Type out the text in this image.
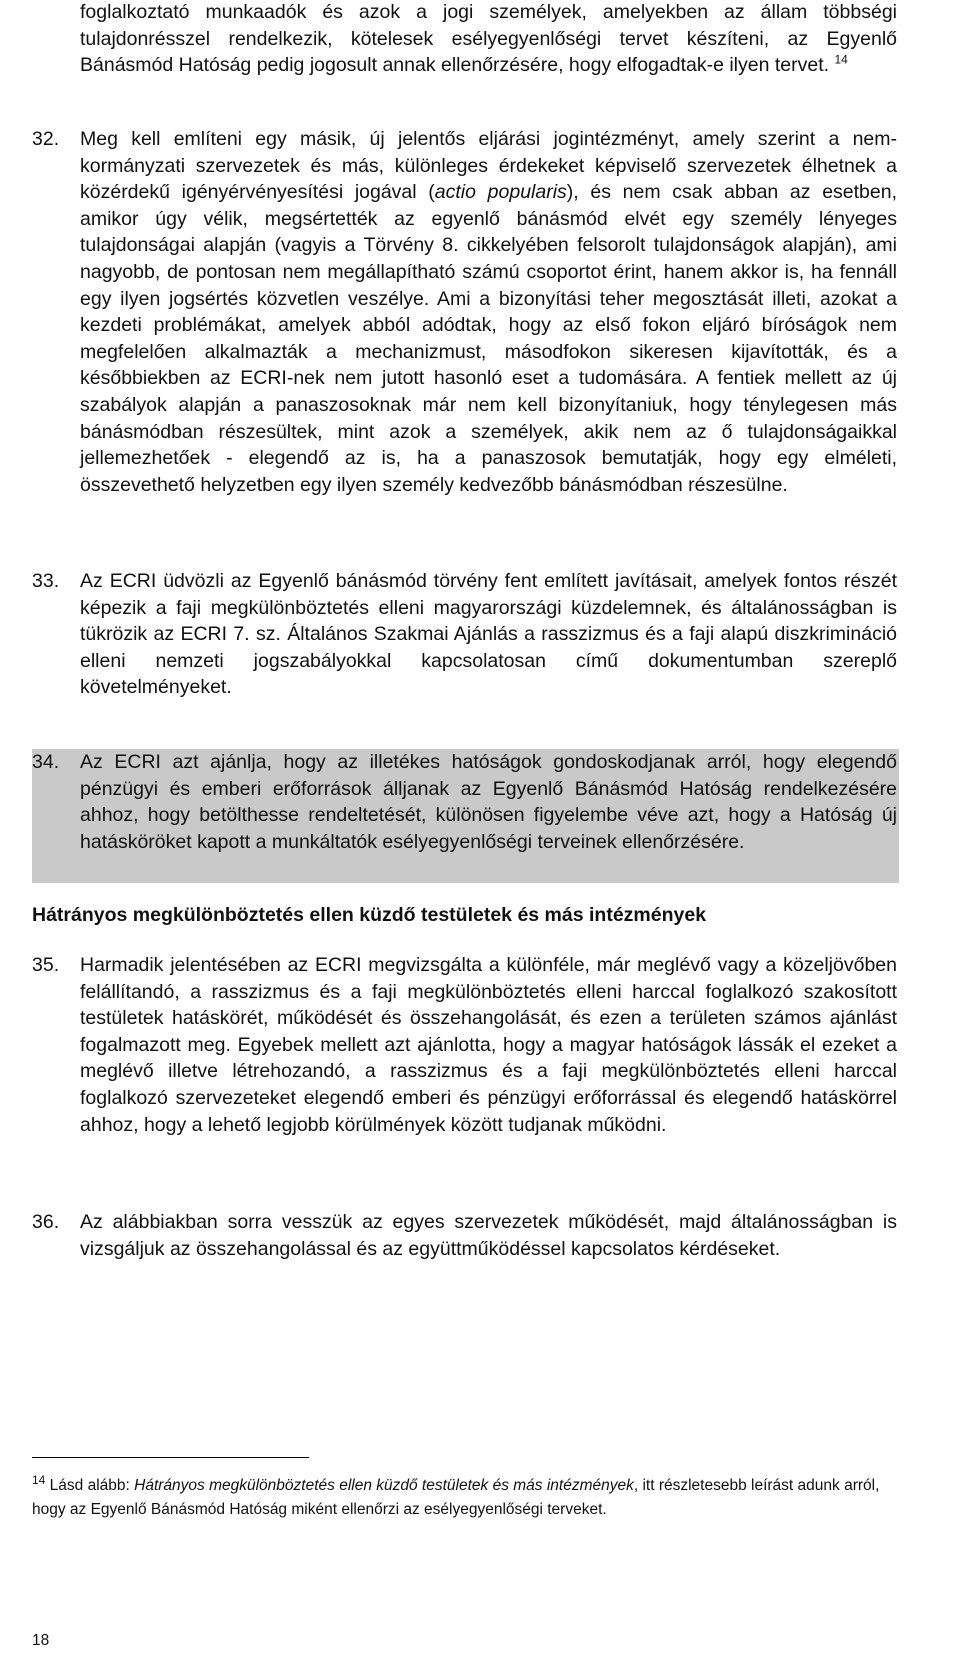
foglalkoztató munkaadók és azok a jogi személyek, amelyekben az állam többségi tulajdonrésszel rendelkezik, kötelesek esélyegyenlőségi tervet készíteni, az Egyenlő Bánásmód Hatóság pedig jogosult annak ellenőrzésére, hogy elfogadtak-e ilyen tervet. $^{14}$

32.	Meg kell említeni egy másik, új jelentős eljárási jogintézményt, amely szerint a nem-kormányzati szervezetek és más, különleges érdekeket képviselő szervezetek élhetnek a közérdekű igényérvényesítési jogával (actio popularis), és nem csak abban az esetben, amikor úgy vélik, megsértették az egyenlő bánásmód elvét egy személy lényeges tulajdonságai alapján (vagyis a Törvény 8. cikkelyében felsorolt tulajdonságok alapján), ami nagyobb, de pontosan nem megállapítható számú csoportot érint, hanem akkor is, ha fennáll egy ilyen jogsértés közvetlen veszélye. Ami a bizonyítási teher megosztását illeti, azokat a kezdeti problémákat, amelyek abból adódtak, hogy az első fokon eljáró bíróságok nem megfelelően alkalmazták a mechanizmust, másodfokon sikeresen kijavították, és a későbbiekben az ECRI-nek nem jutott hasonló eset a tudomására. A fentiek mellett az új szabályok alapján a panaszosoknak már nem kell bizonyítaniuk, hogy ténylegesen más bánásmódban részesültek, mint azok a személyek, akik nem az ő tulajdonságaikkal jellemezhetőek - elegendő az is, ha a panaszosok bemutatják, hogy egy elméleti, összevethető helyzetben egy ilyen személy kedvezőbb bánásmódban részesülne.

33.	Az ECRI üdvözli az Egyenlő bánásmód törvény fent említett javításait, amelyek fontos részét képezik a faji megkülönböztetés elleni magyarországi küzdelemnek, és általánosságban is tükrözik az ECRI 7. sz. Általános Szakmai Ajánlás a rasszizmus és a faji alapú diszkrimináció elleni nemzeti jogszabályokkal kapcsolatosan című dokumentumban szereplő követelményeket.

34.	Az ECRI azt ajánlja, hogy az illetékes hatóságok gondoskodjanak arról, hogy elegendő pénzügyi és emberi erőforrások álljanak az Egyenlő Bánásmód Hatóság rendelkezésére ahhoz, hogy betölthesse rendeltetését, különösen figyelembe véve azt, hogy a Hatóság új hatásköröket kapott a munkáltatók esélyegyenlőségi terveinek ellenőrzésére.

Hátrányos megkülönböztetés ellen küzdő testületek és más intézmények
35.	Harmadik jelentésében az ECRI megvizsgálta a különféle, már meglévő vagy a közeljövőben felállítandó, a rasszizmus és a faji megkülönböztetés elleni harccal foglalkozó szakosított testületek hatáskörét, működését és összehangolását, és ezen a területen számos ajánlást fogalmazott meg. Egyebek mellett azt ajánlotta, hogy a magyar hatóságok lássák el ezeket a meglévő illetve létrehozandó, a rasszizmus és a faji megkülönböztetés elleni harccal foglalkozó szervezeteket elegendő emberi és pénzügyi erőforrással és elegendő hatáskörrel ahhoz, hogy a lehető legjobb körülmények között tudjanak működni.

36.	Az alábbiakban sorra vesszük az egyes szervezetek működését, majd általánosságban is vizsgáljuk az összehangolással és az együttműködéssel kapcsolatos kérdéseket.

$^{14}$ Lásd alább: Hátrányos megkülönböztetés ellen küzdő testületek és más intézmények, itt részletesebb leírást adunk arról, hogy az Egyenlő Bánásmód Hatóság miként ellenőrzi az esélyegyenlőségi terveket.

18
